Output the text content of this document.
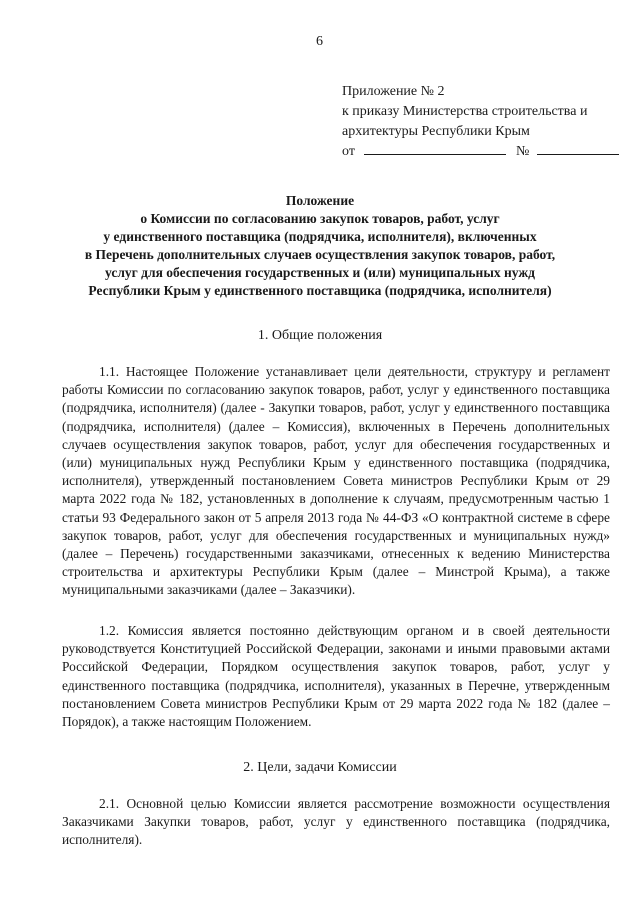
6
Приложение № 2
к приказу Министерства строительства и
архитектуры Республики Крым
от	№
Положение
о Комиссии по согласованию закупок товаров, работ, услуг
у единственного поставщика (подрядчика, исполнителя), включенных
в Перечень дополнительных случаев осуществления закупок товаров, работ,
услуг для обеспечения государственных и (или) муниципальных нужд
Республики Крым у единственного поставщика (подрядчика, исполнителя)
1. Общие положения
1.1. Настоящее Положение устанавливает цели деятельности, структуру и регламент работы Комиссии по согласованию закупок товаров, работ, услуг у единственного поставщика (подрядчика, исполнителя) (далее - Закупки товаров, работ, услуг у единственного поставщика (подрядчика, исполнителя) (далее – Комиссия), включенных в Перечень дополнительных случаев осуществления закупок товаров, работ, услуг для обеспечения государственных и (или) муниципальных нужд Республики Крым у единственного поставщика (подрядчика, исполнителя), утвержденный постановлением Совета министров Республики Крым от 29 марта 2022 года № 182, установленных в дополнение к случаям, предусмотренным частью 1 статьи 93 Федерального закон от 5 апреля 2013 года № 44-ФЗ «О контрактной системе в сфере закупок товаров, работ, услуг для обеспечения государственных и муниципальных нужд» (далее – Перечень) государственными заказчиками, отнесенных к ведению Министерства строительства и архитектуры Республики Крым (далее – Минстрой Крыма), а также муниципальными заказчиками (далее – Заказчики).
1.2. Комиссия является постоянно действующим органом и в своей деятельности руководствуется Конституцией Российской Федерации, законами и иными правовыми актами Российской Федерации, Порядком осуществления закупок товаров, работ, услуг у единственного поставщика (подрядчика, исполнителя), указанных в Перечне, утвержденным постановлением Совета министров Республики Крым от 29 марта 2022 года № 182 (далее – Порядок), а также настоящим Положением.
2. Цели, задачи Комиссии
2.1. Основной целью Комиссии является рассмотрение возможности осуществления Заказчиками Закупки товаров, работ, услуг у единственного поставщика (подрядчика, исполнителя).
